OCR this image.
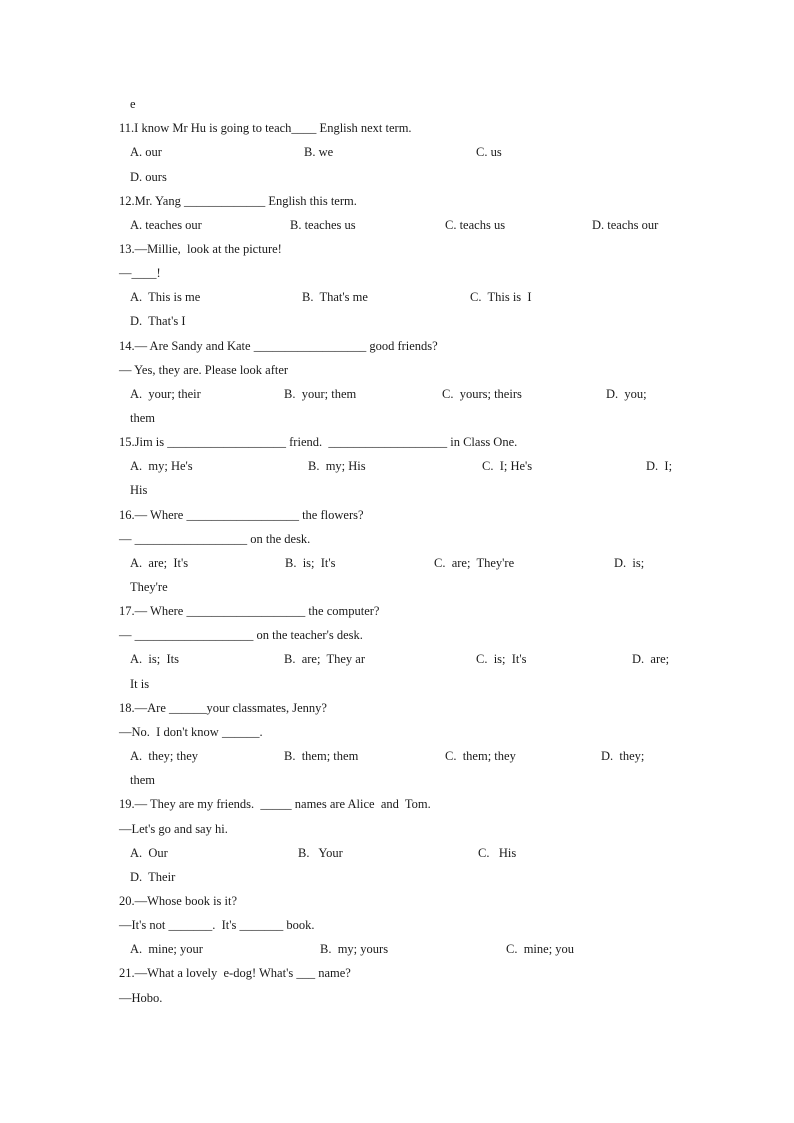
e
11.I know Mr Hu is going to teach____ English next term.
A. our	B. we	C. us
D. ours
12.Mr. Yang _____________ English this term.
A. teaches our	B. teaches us	C. teachs us	D. teachs our
13.—Millie,  look at the picture!
—____!
A.  This is me	B.  That's me	C.  This is  I
D.  That's I
14.— Are Sandy and Kate __________________ good friends?
— Yes, they are. Please look after
A.  your; their	B.  your; them	C.  yours; theirs	D.  you;
them
15.Jim is ___________________ friend.  ___________________ in Class One.
A.  my; He's	B.  my; His	C.  I; He's	D.  I;
His
16.— Where __________________ the flowers?
— __________________ on the desk.
A.  are;  It's	B.  is;  It's	C.  are;  They're	D.  is;
They're
17.— Where ___________________ the computer?
— ___________________ on the teacher's desk.
A.  is;  Its	B.  are;  They ar	C.  is;  It's	D.  are;
It is
18.—Are ______your classmates, Jenny?
—No.  I don't know ______.
A.  they; they	B.  them; them	C.  them; they	D.  they;
them
19.— They are my friends.  _____ names are Alice  and  Tom.
—Let's go and say hi.
A.  Our	B.   Your	C.   His
D.  Their
20.—Whose book is it?
—It's not _______.  It's _______ book.
A.  mine; your	B.  my; yours	C.  mine; you
21.—What a lovely  e-dog! What's ___ name?
—Hobo.
